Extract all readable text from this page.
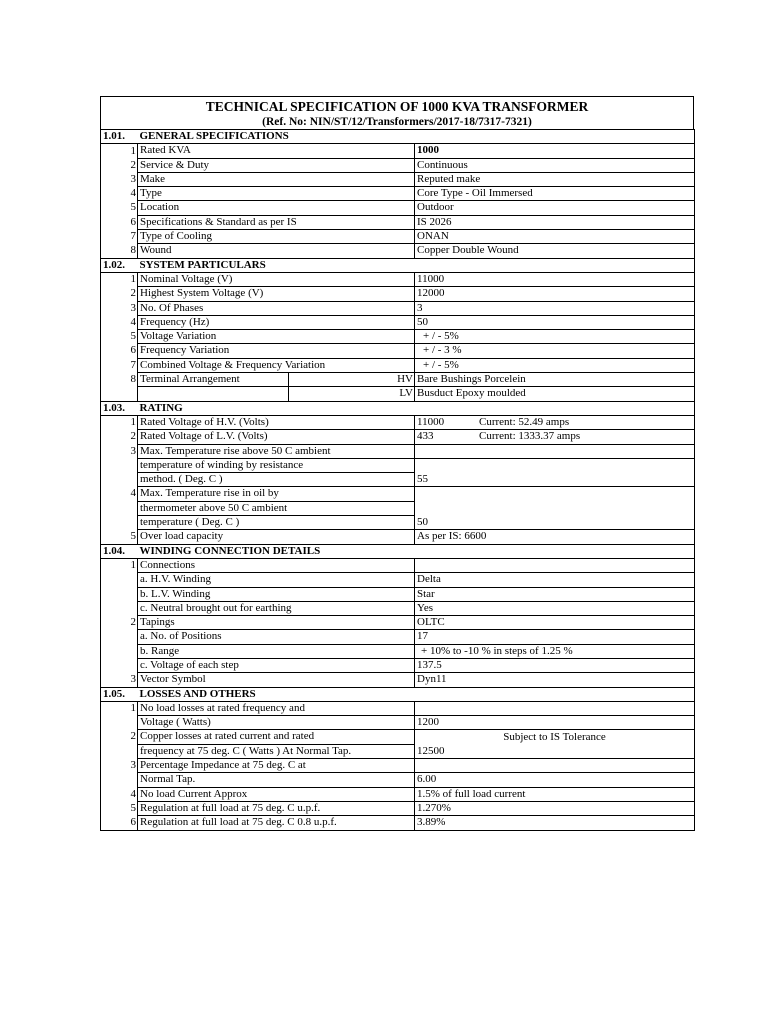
TECHNICAL SPECIFICATION OF 1000 KVA TRANSFORMER
(Ref. No: NIN/ST/12/Transformers/2017-18/7317-7321)
1.01.	GENERAL SPECIFICATIONS		
1	Rated KVA		1000
2	Service & Duty		Continuous
3	Make		Reputed make
4	Type		Core Type - Oil Immersed
5	Location		Outdoor
6	Specifications & Standard as per IS		IS 2026
7	Type of Cooling		ONAN
8	Wound		Copper Double Wound
1.02.	SYSTEM PARTICULARS		
1	Nominal Voltage (V)		11000
2	Highest System Voltage (V)		12000
3	No. Of Phases		3
4	Frequency (Hz)		50
5	Voltage Variation		+ / - 5%
6	Frequency Variation		+ / - 3 %
7	Combined Voltage & Frequency Variation		+ / - 5%
8	Terminal Arrangement	HV	Bare Bushings Porcelein
		LV	Busduct Epoxy moulded
1.03.	RATING		
1	Rated Voltage of H.V. (Volts)		11000 Current: 52.49 amps
2	Rated Voltage of L.V. (Volts)		433 Current: 1333.37 amps
3	Max. Temperature rise above 50 C ambient		
	temperature of winding by resistance		
	method. ( Deg. C )		55
4	Max. Temperature rise in oil by		
	thermometer above 50 C ambient		
	temperature ( Deg. C )		50
5	Over load capacity		As per IS: 6600
1.04.	WINDING CONNECTION DETAILS		
1	Connections		
	a. H.V. Winding		Delta
	b. L.V. Winding		Star
	c. Neutral brought out for earthing		Yes
2	Tapings		OLTC
	a. No. of Positions		17
	b. Range		+ 10% to -10 % in steps of 1.25 %
	c. Voltage of each step		137.5
3	Vector Symbol		Dyn11
1.05.	LOSSES AND OTHERS		
1	No load losses at rated frequency and		
	Voltage ( Watts)		1200
2	Copper losses at rated current and rated		Subject to IS Tolerance
	frequency at 75 deg. C ( Watts ) At Normal Tap.		12500
3	Percentage Impedance at 75 deg. C at		
	Normal Tap.		6.00
4	No load Current Approx		1.5% of full load current
5	Regulation at full load at 75 deg. C u.p.f.		1.270%
6	Regulation at full load at 75 deg. C 0.8 u.p.f.		3.89%
